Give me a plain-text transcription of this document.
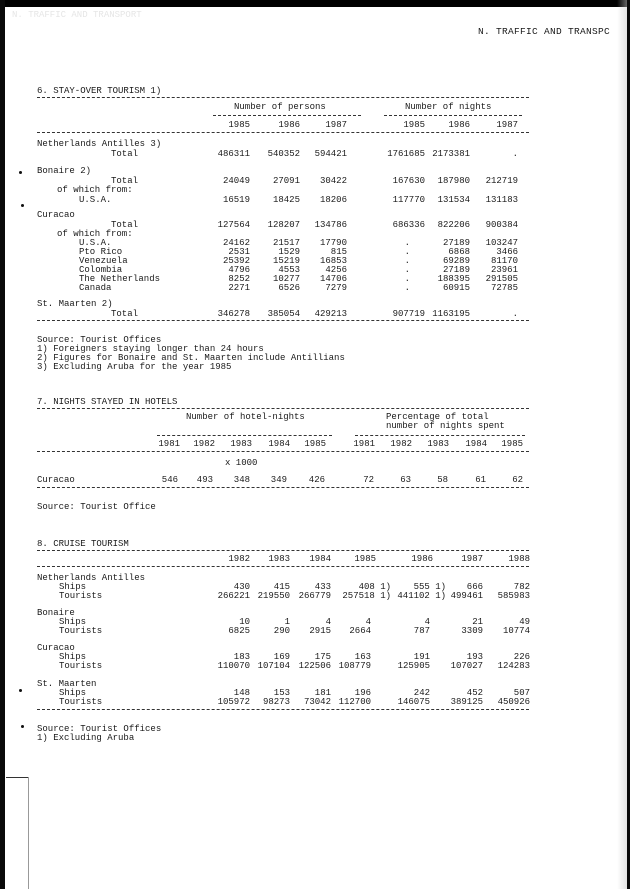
N. TRAFFIC AND TRANSPORT
N. TRAFFIC AND TRANSPC
6. STAY-OVER TOURISM 1)
Number of persons	Number of nights
1985	1986	1987	1985	1986	1987
Netherlands Antilles 3)
Total	486311	540352	594421	1761685 2173381	.
Bonaire 2)
Total	24049	27091	30422	167630	187980	212719
of which from:
U.S.A.	16519	18425	18206	117770	131534	131183
Curacao
Total	127564	128207	134786	686336	822206	900384
of which from:
U.S.A.	24162	21517	17790	.	27189	103247
Pto Rico	2531	1529	815	.	6868	3466
Venezuela	25392	15219	16853	.	69289	81170
Colombia	4796	4553	4256	.	27189	23961
The Netherlands	8252	10277	14706	.	188395	291505
Canada	2271	6526	7279	.	60915	72785
St. Maarten 2)
Total	346278	385054	429213	907719 1163195	.
Source: Tourist Offices
1) Foreigners staying longer than 24 hours
2) Figures for Bonaire and St. Maarten include Antillians
3) Excluding Aruba for the year 1985
7. NIGHTS STAYED IN HOTELS
Number of hotel-nights	Percentage of total
number of nights spent
1981	1982	1983	1984	1985	1981	1982	1983	1984	1985
x 1000
Curacao	546	493	348	349	426	72	63	58	61	62
Source: Tourist Office
8. CRUISE TOURISM
1982	1983	1984	1985	1986	1987	1988
Netherlands Antilles
Ships	430	415	433	408 1)	555 1)	666	782
Tourists	266221 219550 266779	257518 1) 441102 1) 499461	585983
Bonaire
Ships	10	1	4	4	4	21	49
Tourists	6825	290	2915	2664	787	3309	10774
Curacao
Ships	183	169	175	163	191	193	226
Tourists	110070 107104 122506 108779	125905	107027	124283
St. Maarten
Ships	148	153	181	196	242	452	507
Tourists	105972	98273	73042 112700	146075	389125	450926
Source: Tourist Offices
1) Excluding Aruba
